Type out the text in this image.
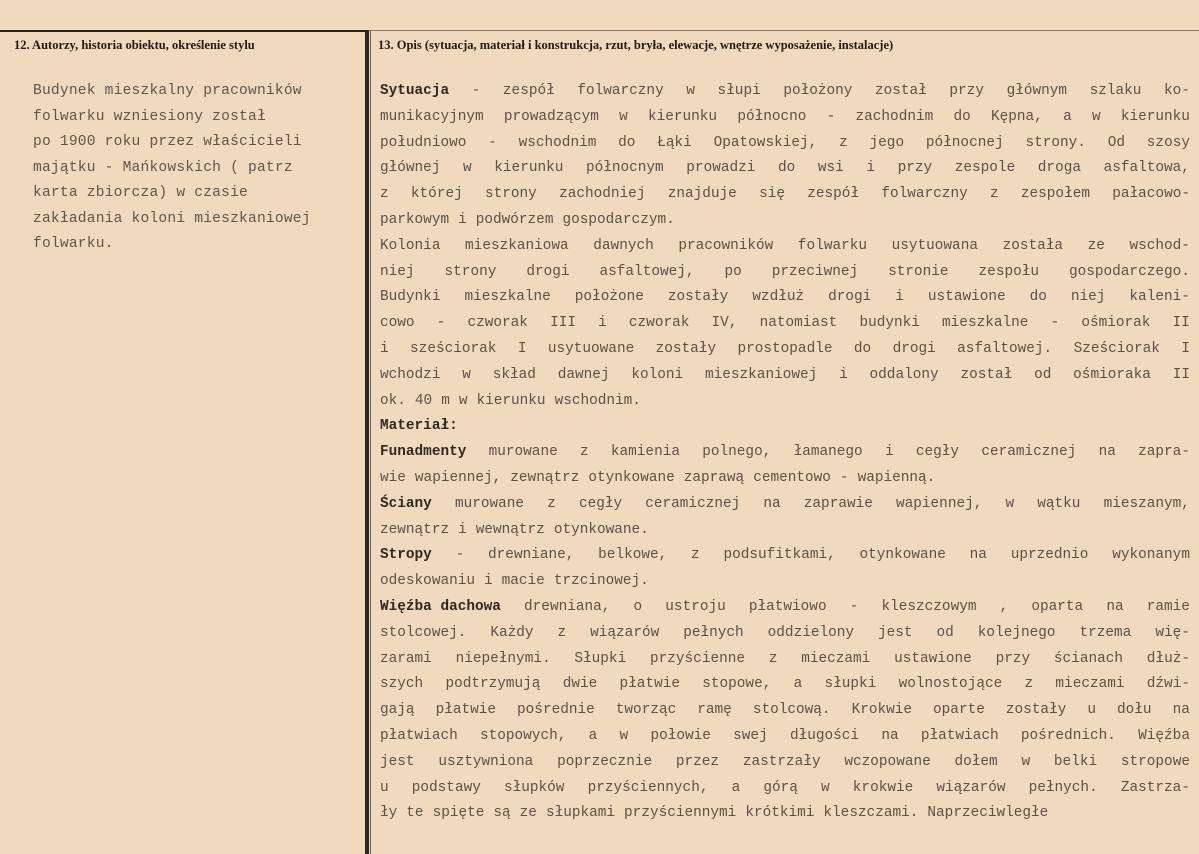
12. Autorzy, historia obiektu, określenie stylu	13. Opis (sytuacja, materiał i konstrukcja, rzut, bryła, elewacje, wnętrze wyposażenie, instalacje)
Budynek mieszkalny pracowników
folwarku wzniesiony został
po 1900 roku przez właścicieli
majątku - Mańkowskich ( patrz
karta zbiorcza) w czasie
zakładania koloni mieszkaniowej
folwarku.
Sytuacja - zespół folwarczny w słupi położony został przy głównym szlaku ko-
munikacyjnym prowadzącym w kierunku północno - zachodnim do Kępna, a w kierunku
południowo - wschodnim do Łąki Opatowskiej, z jego północnej strony. Od szosy
głównej w kierunku północnym prowadzi do wsi i przy zespole droga asfaltowa,
z której strony zachodniej znajduje się zespół folwarczny z zespołem pałacowo-
parkowym i podwórzem gospodarczym.
Kolonia mieszkaniowa dawnych pracowników folwarku usytuowana została ze wschod-
niej strony drogi asfaltowej, po przeciwnej stronie zespołu gospodarczego.
Budynki mieszkalne położone zostały wzdłuż drogi i ustawione do niej kaleni-
cowo - czworak III i czworak IV, natomiast budynki mieszkalne - ośmiorak II
i sześciorak I usytuowane zostały prostopadle do drogi asfaltowej. Sześciorak I
wchodzi w skład dawnej koloni mieszkaniowej i oddalony został od ośmioraka II
ok. 40 m w kierunku wschodnim.
Materiał:
Funadmenty murowane z kamienia polnego, łamanego i cegły ceramicznej na zapra-
wie wapiennej, zewnątrz otynkowane zaprawą cementowo - wapienną.
Ściany murowane z cegły ceramicznej na zaprawie wapiennej, w wątku mieszanym,
zewnątrz i wewnątrz otynkowane.
Stropy - drewniane, belkowe, z podsufitkami, otynkowane na uprzednio wykonanym
odeskowaniu i macie trzcinowej.
Więźba dachowa drewniana, o ustroju płatwiowo - kleszczowym , oparta na ramie
stolcowej. Każdy z wiązarów pełnych oddzielony jest od kolejnego trzema wię-
zarami niepełnymi. Słupki przyścienne z mieczami ustawione przy ścianach dłuż-
szych podtrzymują dwie płatwie stopowe, a słupki wolnostojące z mieczami dźwi-
gają płatwie pośrednie tworząc ramę stolcową. Krokwie oparte zostały u dołu na
płatwiach stopowych, a w połowie swej długości na płatwiach pośrednich. Więźba
jest usztywniona poprzecznie przez zastrzały wczopowane dołem w belki stropowe
u podstawy słupków przyściennych, a górą w krokwie wiązarów pełnych. Zastrza-
ły te spięte są ze słupkami przyściennymi krótkimi kleszczami. Naprzeciwległe
